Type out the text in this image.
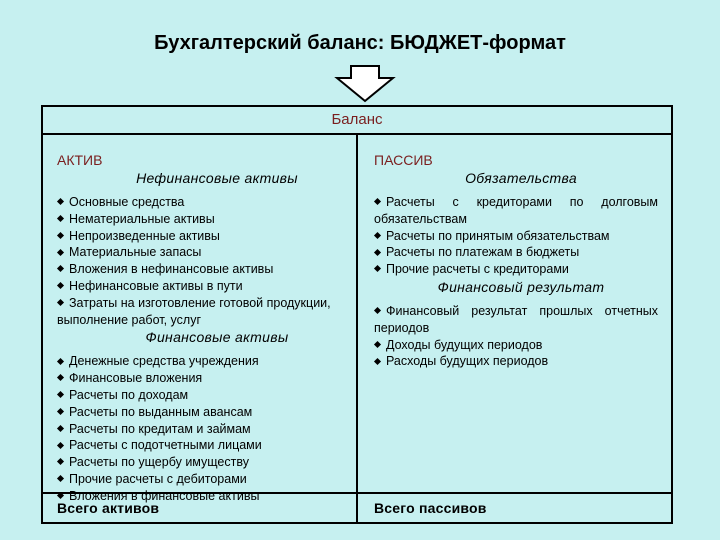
Бухгалтерский баланс: БЮДЖЕТ-формат
Баланс
АКТИВ
Нефинансовые активы
Основные средства
Нематериальные активы
Непроизведенные активы
Материальные запасы
Вложения в нефинансовые активы
Нефинансовые активы в пути
Затраты на изготовление готовой продукции, выполнение работ, услуг
Финансовые активы
Денежные средства учреждения
Финансовые вложения
Расчеты по доходам
Расчеты по выданным авансам
Расчеты по кредитам и займам
Расчеты с подотчетными лицами
Расчеты по ущербу имуществу
Прочие расчеты с дебиторами
Вложения в финансовые активы
ПАССИВ
Обязательства
Расчеты с кредиторами по долговым обязательствам
Расчеты по принятым обязательствам
Расчеты по платежам в бюджеты
Прочие расчеты с кредиторами
Финансовый результат
Финансовый результат прошлых отчетных периодов
Доходы будущих периодов
Расходы будущих периодов
Всего активов	Всего пассивов
